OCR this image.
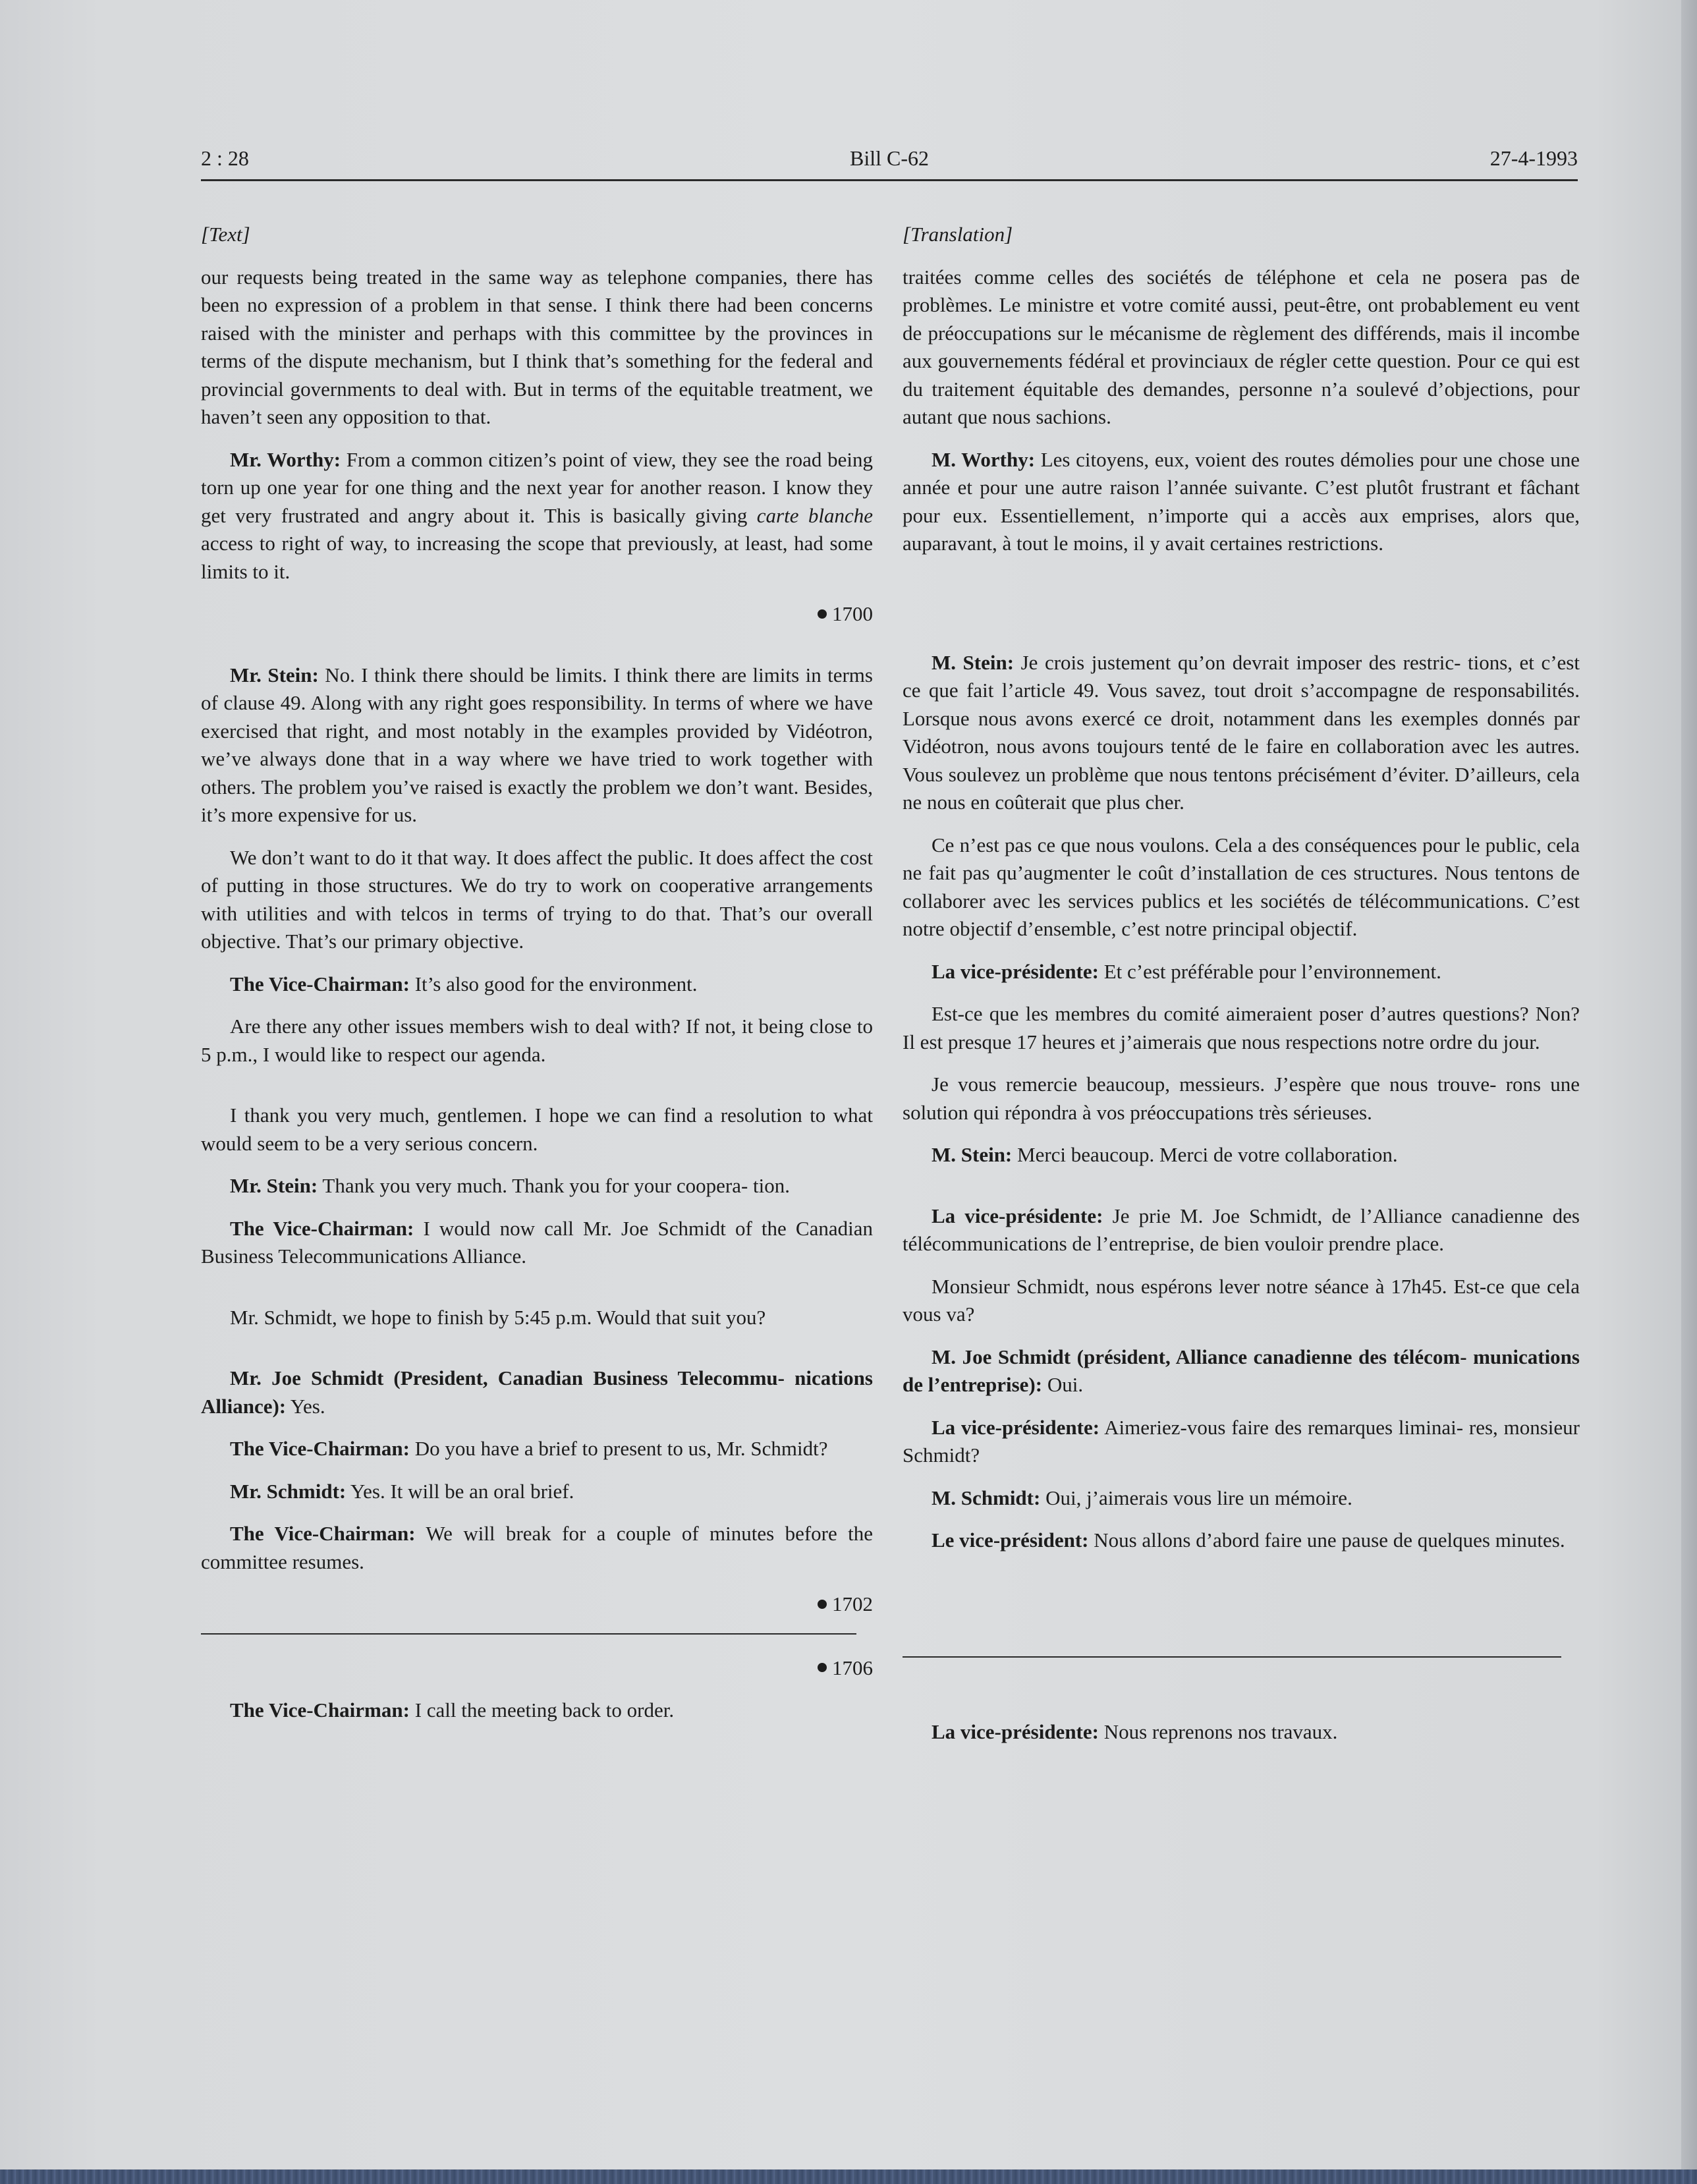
2 : 28	Bill C-62	27-4-1993
[Text]

our requests being treated in the same way as telephone companies, there has been no expression of a problem in that sense. I think there had been concerns raised with the minister and perhaps with this committee by the provinces in terms of the dispute mechanism, but I think that’s something for the federal and provincial governments to deal with. But in terms of the equitable treatment, we haven’t seen any opposition to that.

Mr. Worthy: From a common citizen’s point of view, they see the road being torn up one year for one thing and the next year for another reason. I know they get very frustrated and angry about it. This is basically giving carte blanche access to right of way, to increasing the scope that previously, at least, had some limits to it.

1700

Mr. Stein: No. I think there should be limits. I think there are limits in terms of clause 49. Along with any right goes responsibility. In terms of where we have exercised that right, and most notably in the examples provided by Vidéotron, we’ve always done that in a way where we have tried to work together with others. The problem you’ve raised is exactly the problem we don’t want. Besides, it’s more expensive for us.

We don’t want to do it that way. It does affect the public. It does affect the cost of putting in those structures. We do try to work on cooperative arrangements with utilities and with telcos in terms of trying to do that. That’s our overall objective. That’s our primary objective.

The Vice-Chairman: It’s also good for the environment.

Are there any other issues members wish to deal with? If not, it being close to 5 p.m., I would like to respect our agenda.

I thank you very much, gentlemen. I hope we can find a resolution to what would seem to be a very serious concern.

Mr. Stein: Thank you very much. Thank you for your coopera- tion.

The Vice-Chairman: I would now call Mr. Joe Schmidt of the Canadian Business Telecommunications Alliance.

Mr. Schmidt, we hope to finish by 5:45 p.m. Would that suit you?

Mr. Joe Schmidt (President, Canadian Business Telecommu- nications Alliance): Yes.

The Vice-Chairman: Do you have a brief to present to us, Mr. Schmidt?

Mr. Schmidt: Yes. It will be an oral brief.

The Vice-Chairman: We will break for a couple of minutes before the committee resumes.

1702
1706

The Vice-Chairman: I call the meeting back to order.

[Translation]

traitées comme celles des sociétés de téléphone et cela ne posera pas de problèmes. Le ministre et votre comité aussi, peut-être, ont probablement eu vent de préoccupations sur le mécanisme de règlement des différends, mais il incombe aux gouvernements fédéral et provinciaux de régler cette question. Pour ce qui est du traitement équitable des demandes, personne n’a soulevé d’objections, pour autant que nous sachions.

M. Worthy: Les citoyens, eux, voient des routes démolies pour une chose une année et pour une autre raison l’année suivante. C’est plutôt frustrant et fâchant pour eux. Essentiellement, n’importe qui a accès aux emprises, alors que, auparavant, à tout le moins, il y avait certaines restrictions.

M. Stein: Je crois justement qu’on devrait imposer des restric- tions, et c’est ce que fait l’article 49. Vous savez, tout droit s’accompagne de responsabilités. Lorsque nous avons exercé ce droit, notamment dans les exemples donnés par Vidéotron, nous avons toujours tenté de le faire en collaboration avec les autres. Vous soulevez un problème que nous tentons précisément d’éviter. D’ailleurs, cela ne nous en coûterait que plus cher.

Ce n’est pas ce que nous voulons. Cela a des conséquences pour le public, cela ne fait pas qu’augmenter le coût d’installation de ces structures. Nous tentons de collaborer avec les services publics et les sociétés de télécommunications. C’est notre objectif d’ensemble, c’est notre principal objectif.

La vice-présidente: Et c’est préférable pour l’environnement.

Est-ce que les membres du comité aimeraient poser d’autres questions? Non? Il est presque 17 heures et j’aimerais que nous respections notre ordre du jour.

Je vous remercie beaucoup, messieurs. J’espère que nous trouve- rons une solution qui répondra à vos préoccupations très sérieuses.

M. Stein: Merci beaucoup. Merci de votre collaboration.

La vice-présidente: Je prie M. Joe Schmidt, de l’Alliance canadienne des télécommunications de l’entreprise, de bien vouloir prendre place.

Monsieur Schmidt, nous espérons lever notre séance à 17h45. Est-ce que cela vous va?

M. Joe Schmidt (président, Alliance canadienne des télécom- munications de l’entreprise): Oui.

La vice-présidente: Aimeriez-vous faire des remarques liminai- res, monsieur Schmidt?

M. Schmidt: Oui, j’aimerais vous lire un mémoire.

Le vice-président: Nous allons d’abord faire une pause de quelques minutes.

La vice-présidente: Nous reprenons nos travaux.
